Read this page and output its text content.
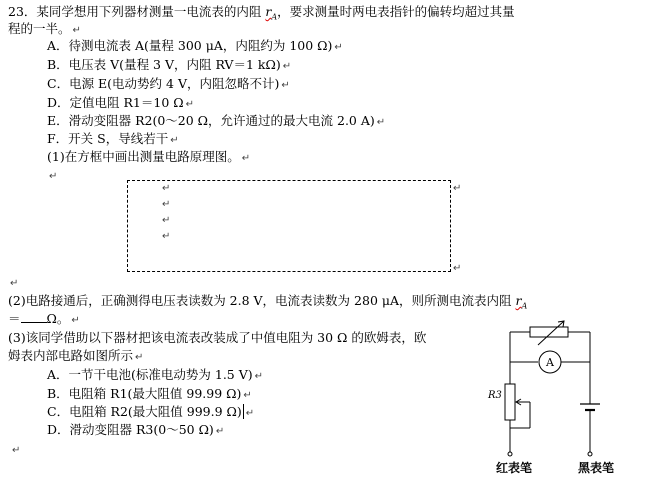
23．某同学想用下列器材测量一电流表的内阻 $r_A$，要求测量时两电表指针的偏转均超过其量
程的一半。 ↵
A．待测电流表 A(量程 300 μA，内阻约为 100 Ω) ↵
B．电压表 V(量程 3 V，内阻 RV＝1 kΩ) ↵
C．电源 E(电动势约 4 V，内阻忽略不计) ↵
D．定值电阻 R1＝10 Ω ↵
E．滑动变阻器 R2(0～20 Ω，允许通过的最大电流 2.0 A) ↵
F．开关 S，导线若干 ↵
(1)在方框中画出测量电路原理图。 ↵
↵
↵
↵
↵
↵
↵
↵
↵
(2)电路接通后，正确测得电压表读数为 2.8 V，电流表读数为 280 μA，则所测电流表内阻 $r_A$
＝ Ω。 ↵
(3)该同学借助以下器材把该电流表改装成了中值电阻为 30 Ω 的欧姆表，欧
姆表内部电路如图所示 ↵
A．一节干电池(标准电动势为 1.5 V) ↵
B．电阻箱 R1(最大阻值 99.99 Ω) ↵
C．电阻箱 R2(最大阻值 999.9 Ω) ↵
D．滑动变阻器 R3(0～50 Ω) ↵
↵
A
R3
红表笔	黑表笔
